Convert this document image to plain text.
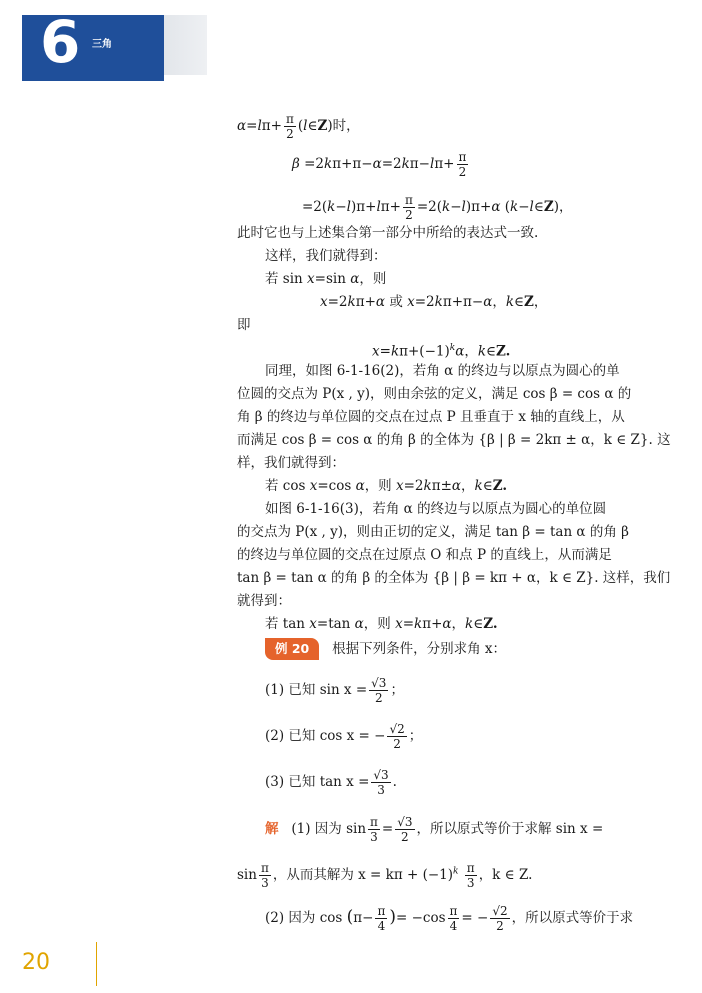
6 三角
$\alpha=l\pi+ \frac{\pi}{2}$ (l∈Z)时，
$\beta =2k\pi+\pi-\alpha=2k\pi-l\pi+ \frac{\pi}{2}$
$=2(k-l)\pi+l\pi+ \frac{\pi}{2} =2(k-l)\pi+\alpha$ (k−l∈Z)，
此时它也与上述集合第一部分中所给的表达式一致.
这样，我们就得到：
若 sin x=sin α，则
x=2kπ+α 或 x=2kπ+π−α，k∈Z，
即
$x=k\pi+(-1)^k\alpha$，k∈Z.
同理，如图 6-1-16(2)，若角 α 的终边与以原点为圆心的单
位圆的交点为 P(x , y)，则由余弦的定义，满足 cos β = cos α 的
角 β 的终边与单位圆的交点在过点 P 且垂直于 x 轴的直线上，从
而满足 cos β = cos α 的角 β 的全体为 {β | β = 2kπ ± α，k ∈ Z}. 这
样，我们就得到：
若 cos x=cos α，则 x=2kπ±α，k∈Z.
如图 6-1-16(3)，若角 α 的终边与以原点为圆心的单位圆
的交点为 P(x , y)，则由正切的定义，满足 tan β = tan α 的角 β
的终边与单位圆的交点在过原点 O 和点 P 的直线上，从而满足
tan β = tan α 的角 β 的全体为 {β | β = kπ + α，k ∈ Z}. 这样，我们
就得到：
若 tan x=tan α，则 x=kπ+α，k∈Z.
例 20 根据下列条件，分别求角 x：
(1) 已知 $\sin x = \frac{√3}{2}$ ；
(2) 已知 cos x = − $\frac{√2}{2}$ ；
(3) 已知 $\tan x = \frac{√3}{3}$ .
解 (1) 因为 $\sin \frac{\pi}{3} = \frac{√3}{2}$ ，所以原式等价于求解 sin x =
$\sin \frac{\pi}{3}$ ，从而其解为 $x = k\pi + (-1)^k \frac{\pi}{3}$ ，k ∈ Z.
(2) 因为 $\cos (\pi- \frac{\pi}{4}$ )= $-\cos \frac{\pi}{4}$ = − $\frac{√2}{2}$ ，所以原式等价于求
20
